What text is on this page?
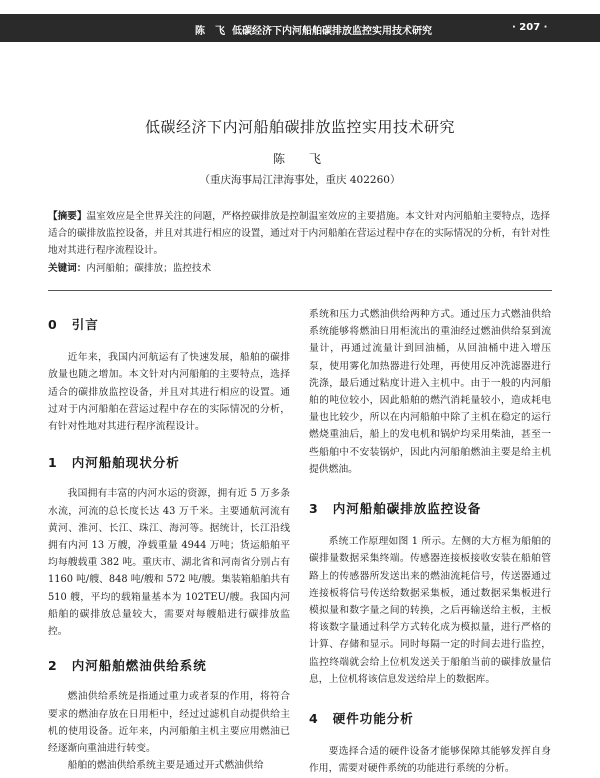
陈　飞 低碳经济下内河船舶碳排放监控实用技术研究	· 207 ·
低碳经济下内河船舶碳排放监控实用技术研究
陈　飞
（重庆海事局江津海事处，重庆 402260）
【摘要】温室效应是全世界关注的问题，严格控碳排放是控制温室效应的主要措施。本文针对内河船舶主要特点，选择适合的碳排放监控设备，并且对其进行相应的设置，通过对于内河船舶在营运过程中存在的实际情况的分析，有针对性地对其进行程序流程设计。
关键词：内河船舶；碳排放；监控技术
0 引言

近年来，我国内河航运有了快速发展，船舶的碳排放量也随之增加。本文针对内河船舶的主要特点，选择适合的碳排放监控设备，并且对其进行相应的设置。通过对于内河船舶在营运过程中存在的实际情况的分析，有针对性地对其进行程序流程设计。

1 内河船舶现状分析

我国拥有丰富的内河水运的资源，拥有近 5 万多条水流，河流的总长度长达 43 万千米。主要通航河流有黄河、淮河、长江、珠江、海河等。据统计，长江沿线拥有内河 13 万艘，净载重量 4944 万吨；货运船舶平均每艘载重 382 吨。重庆市、湖北省和河南省分别占有 1160 吨/艘、848 吨/艘和 572 吨/艘。集装箱船舶共有 510 艘，平均的载箱量基本为 102TEU/艘。我国内河船舶的碳排放总量较大，需要对每艘船进行碳排放监控。

2 内河船舶燃油供给系统

燃油供给系统是指通过重力或者泵的作用，将符合要求的燃油存放在日用柜中，经过过滤机自动提供给主机的使用设备。近年来，内河船舶主机主要应用燃油已经逐渐向重油进行转变。

船舶的燃油供给系统主要是通过开式燃油供给

系统和压力式燃油供给两种方式。通过压力式燃油供给系统能够将燃油日用柜流出的重油经过燃油供给泵到流量计，再通过流量计到回油桶，从回油桶中进入增压泵，使用雾化加热器进行处理，再使用反冲洗滤器进行洗涤，最后通过粘度计进入主机中。由于一般的内河船舶的吨位较小，因此船舶的燃汽消耗量较小，造成耗电量也比较少，所以在内河船舶中除了主机在稳定的运行燃烧重油后，船上的发电机和锅炉均采用柴油，甚至一些船舶中不安装锅炉，因此内河船舶燃油主要是给主机提供燃油。

3 内河船舶碳排放监控设备

系统工作原理如图 1 所示。左侧的大方框为船舶的碳排量数据采集终端。传感器连接板接收安装在船舶管路上的传感器所发送出来的燃油流耗信号，传送器通过连接板将信号传送给数据采集板，通过数据采集板进行模拟量和数字量之间的转换，之后再输送给主板，主板将该数字量通过科学方式转化成为模拟量，进行严格的计算、存储和显示。同时每隔一定的时间去进行监控，监控终端就会给上位机发送关于船舶当前的碳排放量信息，上位机将该信息发送给岸上的数据库。

4 硬件功能分析

要选择合适的硬件设备才能够保障其能够发挥自身作用，需要对硬件系统的功能进行系统的分析。
